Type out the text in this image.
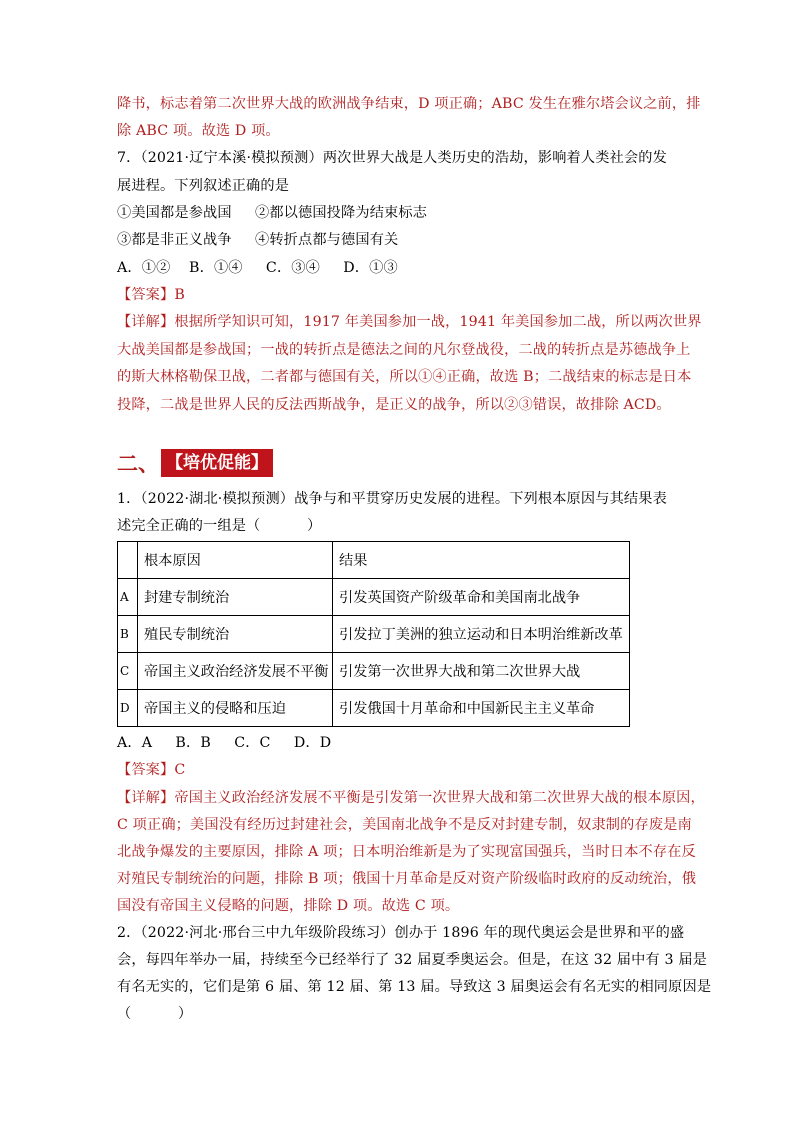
降书，标志着第二次世界大战的欧洲战争结束，D 项正确；ABC 发生在雅尔塔会议之前，排
除 ABC 项。故选 D 项。
7．（2021·辽宁本溪·模拟预测）两次世界大战是人类历史的浩劫，影响着人类社会的发
展进程。下列叙述正确的是
①美国都是参战国     ②都以德国投降为结束标志
③都是非正义战争     ④转折点都与德国有关
A．①②    B．①④     C．③④     D．①③
【答案】B
【详解】根据所学知识可知，1917 年美国参加一战，1941 年美国参加二战，所以两次世界
大战美国都是参战国；一战的转折点是德法之间的凡尔登战役，二战的转折点是苏德战争上
的斯大林格勒保卫战，二者都与德国有关，所以①④正确，故选 B；二战结束的标志是日本
投降，二战是世界人民的反法西斯战争，是正义的战争，所以②③错误，故排除 ACD。
二、 【培优促能】
1．（2022·湖北·模拟预测）战争与和平贯穿历史发展的进程。下列根本原因与其结果表
述完全正确的一组是（          ）
	根本原因	结果
A	封建专制统治	引发英国资产阶级革命和美国南北战争
B	殖民专制统治	引发拉丁美洲的独立运动和日本明治维新改革
C	帝国主义政治经济发展不平衡	引发第一次世界大战和第二次世界大战
D	帝国主义的侵略和压迫	引发俄国十月革命和中国新民主主义革命
A．A     B．B     C．C     D．D
【答案】C
【详解】帝国主义政治经济发展不平衡是引发第一次世界大战和第二次世界大战的根本原因，
C 项正确；美国没有经历过封建社会，美国南北战争不是反对封建专制，奴隶制的存废是南
北战争爆发的主要原因，排除 A 项；日本明治维新是为了实现富国强兵，当时日本不存在反
对殖民专制统治的问题，排除 B 项；俄国十月革命是反对资产阶级临时政府的反动统治，俄
国没有帝国主义侵略的问题，排除 D 项。故选 C 项。
2．（2022·河北·邢台三中九年级阶段练习）创办于 1896 年的现代奥运会是世界和平的盛
会，每四年举办一届，持续至今已经举行了 32 届夏季奥运会。但是，在这 32 届中有 3 届是
有名无实的，它们是第 6 届、第 12 届、第 13 届。导致这 3 届奥运会有名无实的相同原因是
（          ）
